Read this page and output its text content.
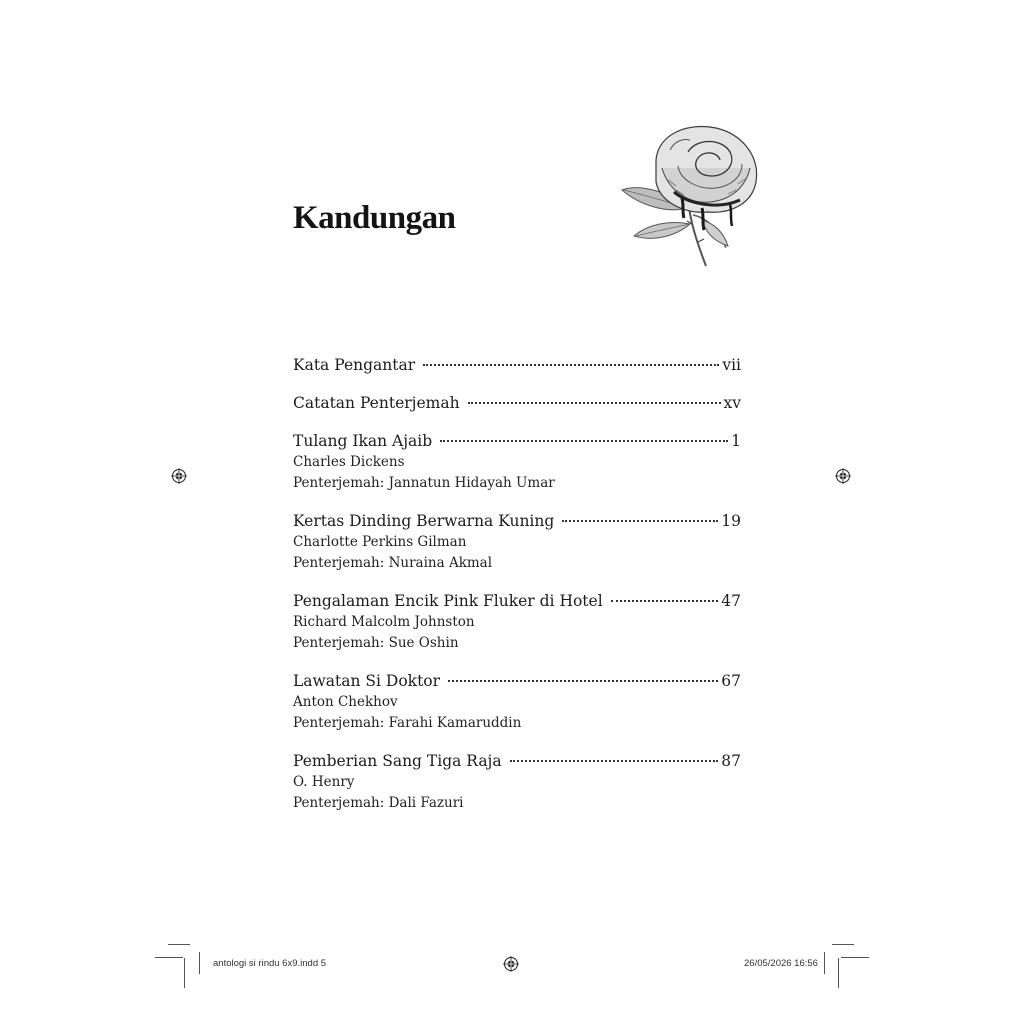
Kandungan
Kata Pengantar	vii
Catatan Penterjemah	xv
Tulang Ikan Ajaib	1
Charles Dickens
Penterjemah: Jannatun Hidayah Umar
Kertas Dinding Berwarna Kuning	19
Charlotte Perkins Gilman
Penterjemah: Nuraina Akmal
Pengalaman Encik Pink Fluker di Hotel	47
Richard Malcolm Johnston
Penterjemah: Sue Oshin
Lawatan Si Doktor	67
Anton Chekhov
Penterjemah: Farahi Kamaruddin
Pemberian Sang Tiga Raja	87
O. Henry
Penterjemah: Dali Fazuri
antologi si rindu 6x9.indd 5	26/05/2026 16:56
